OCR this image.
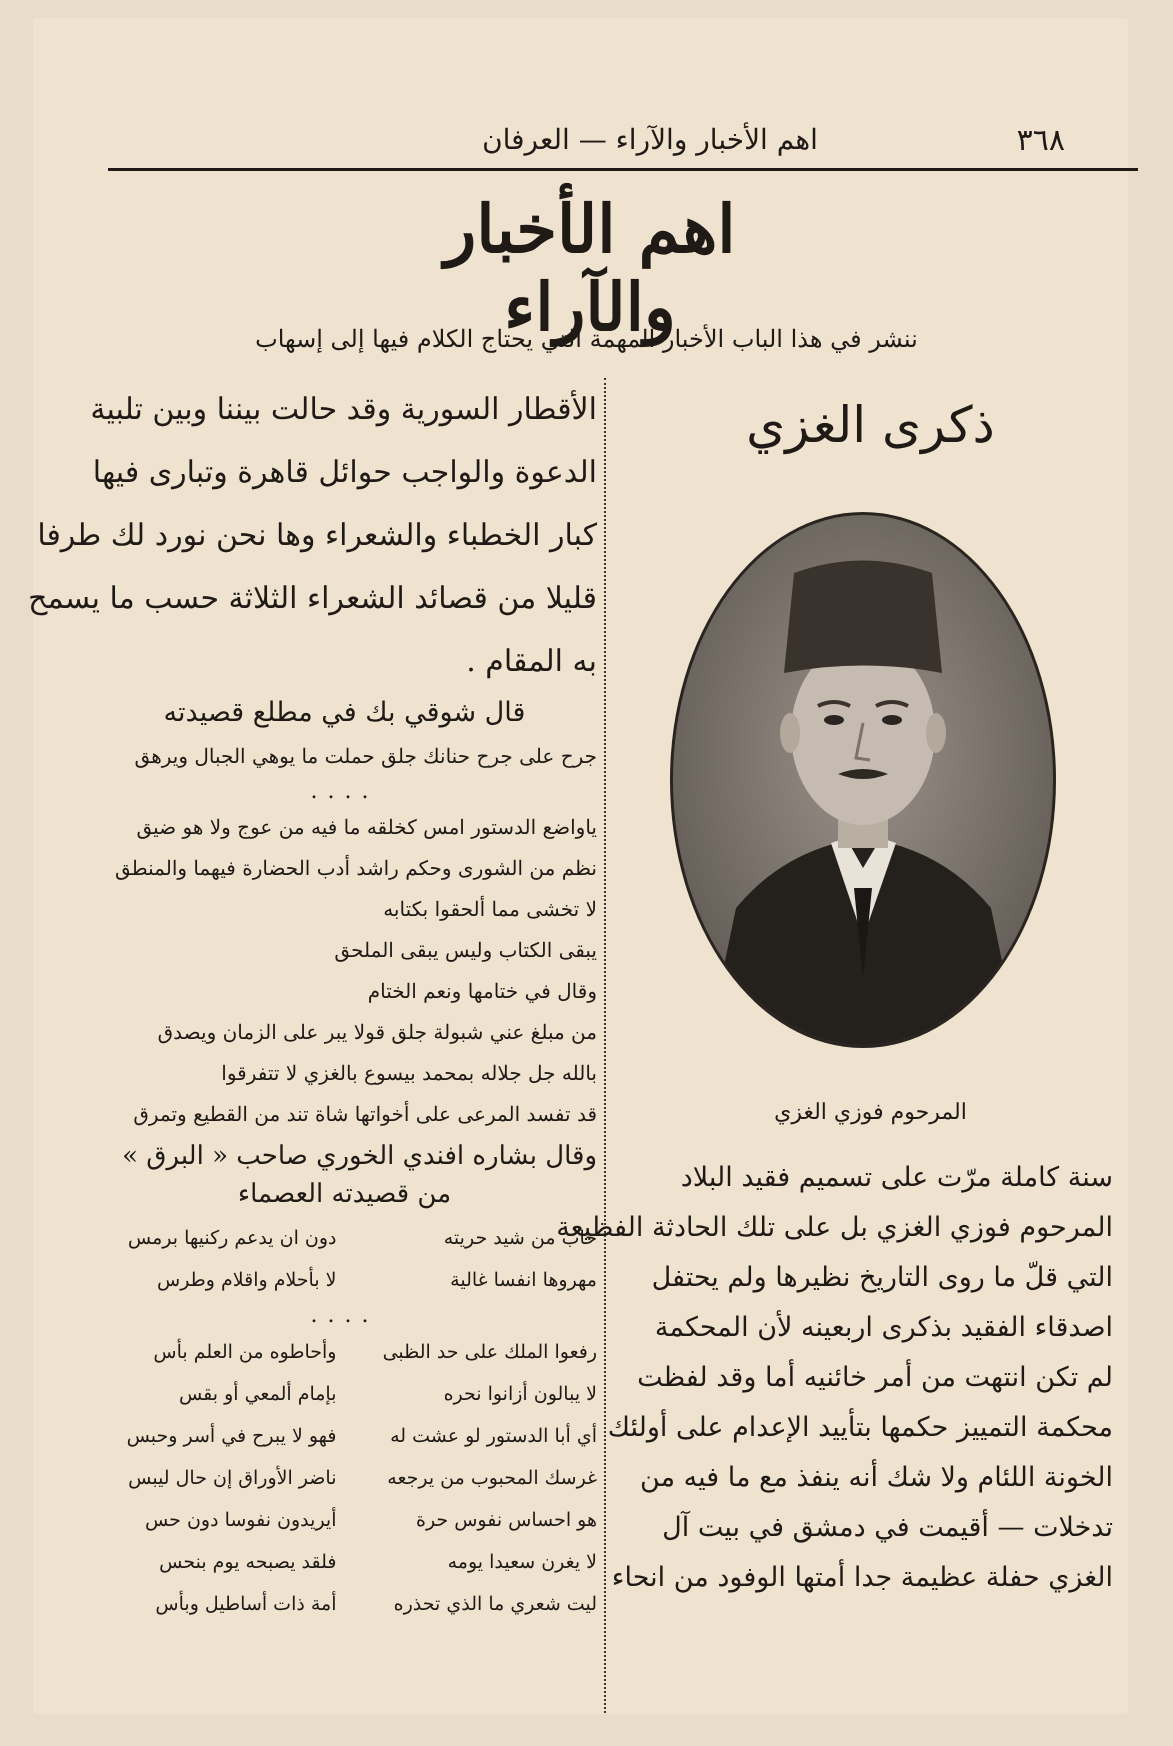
٣٦٨
اهم الأخبار والآراء — العرفان
اهم الأخبار والآراء
ننشر في هذا الباب الأخبار المهمة التي يحتاج الكلام فيها إلى إسهاب
ذكرى الغزي
المرحوم فوزي الغزي
سنة كاملة مرّت على تسميم فقيد البلاد
المرحوم فوزي الغزي بل على تلك الحادثة الفظيعة
التي قلّ ما روى التاريخ نظيرها ولم يحتفل
اصدقاء الفقيد بذكرى اربعينه لأن المحكمة
لم تكن انتهت من أمر خائنيه أما وقد لفظت
محكمة التمييز حكمها بتأييد الإعدام على أولئك
الخونة اللئام ولا شك أنه ينفذ مع ما فيه من
تدخلات — أقيمت في دمشق في بيت آل
الغزي حفلة عظيمة جدا أمتها الوفود من انحاء
الأقطار السورية وقد حالت بيننا وبين تلبية
الدعوة والواجب حوائل قاهرة وتبارى فيها
كبار الخطباء والشعراء وها نحن نورد لك طرفا
قليلا من قصائد الشعراء الثلاثة حسب ما يسمح
به المقام .
قال شوقي بك في مطلع قصيدته
جرح على جرح حنانك جلق حملت ما يوهي الجبال ويرهق
....
ياواضع الدستور امس كخلقه ما فيه من عوج ولا هو ضيق
نظم من الشورى وحكم راشد أدب الحضارة فيهما والمنطق
لا تخشى مما ألحقوا بكتابه
يبقى الكتاب وليس يبقى الملحق
وقال في ختامها ونعم الختام
من مبلغ عني شبولة جلق قولا يبر على الزمان ويصدق
بالله جل جلاله بمحمد بيسوع بالغزي لا تتفرقوا
قد تفسد المرعى على أخواتها شاة تند من القطيع وتمرق
وقال بشاره افندي الخوري صاحب « البرق »
من قصيدته العصماء
خاب من شيد حريته
دون ان يدعم ركنيها برمس
مهروها انفسا غالية
لا بأحلام واقلام وطرس
....
رفعوا الملك على حد الظبى
وأحاطوه من العلم بأس
لا يبالون أزانوا نحره
بإمام ألمعي أو بقس
أي أبا الدستور لو عشت له
فهو لا يبرح في أسر وحبس
غرسك المحبوب من يرجعه
ناضر الأوراق إن حال ليبس
هو احساس نفوس حرة
أيريدون نفوسا دون حس
لا يغرن سعيدا يومه
فلقد يصبحه يوم بنحس
ليت شعري ما الذي تحذره
أمة ذات أساطيل وبأس
